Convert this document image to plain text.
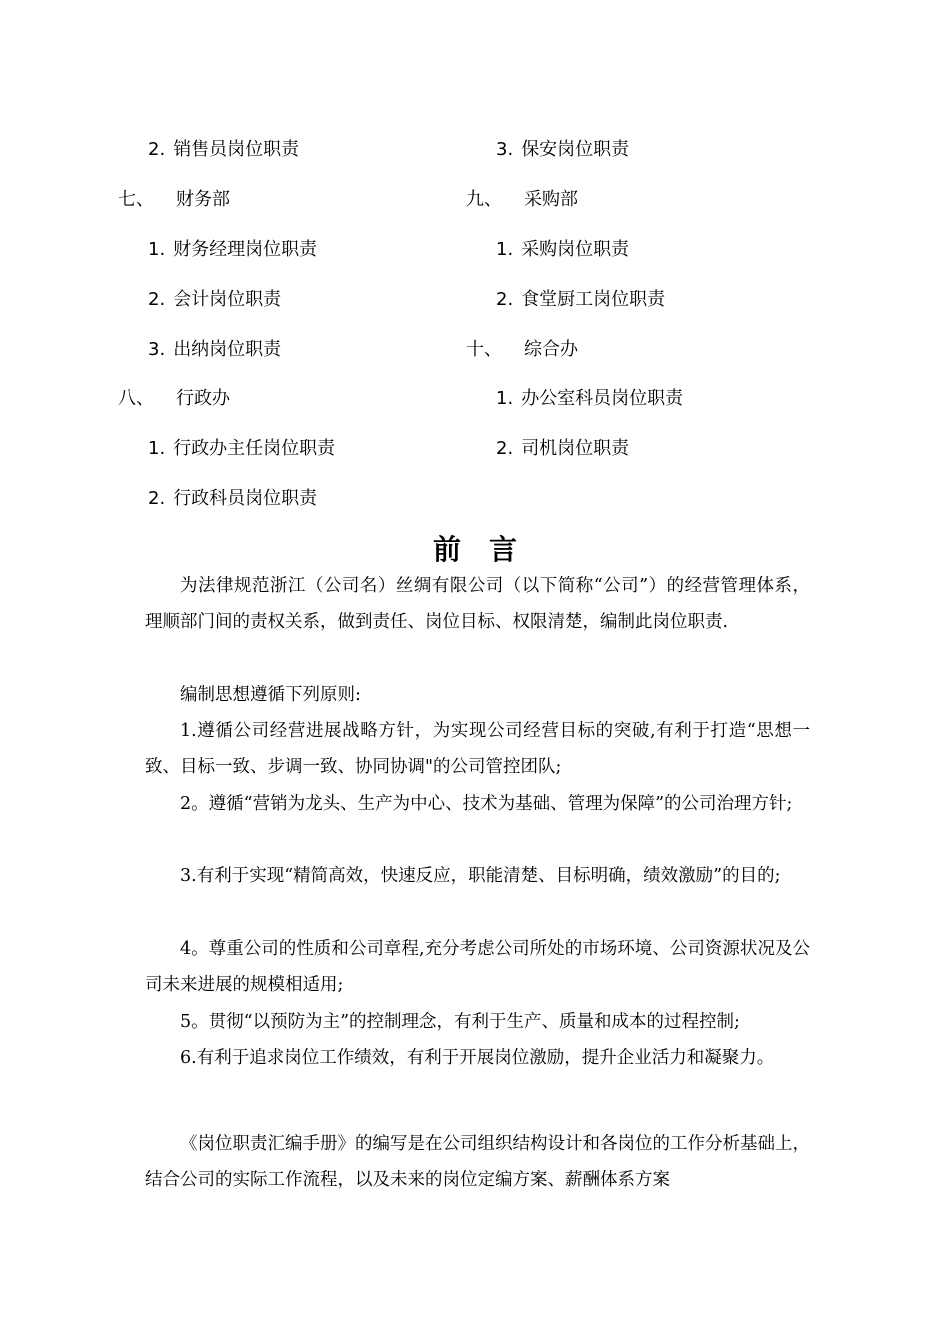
2. 销售员岗位职责
七、 财务部
1. 财务经理岗位职责
2. 会计岗位职责
3. 出纳岗位职责
八、 行政办
1. 行政办主任岗位职责
2. 行政科员岗位职责
3. 保安岗位职责
九、 采购部
1. 采购岗位职责
2. 食堂厨工岗位职责
十、 综合办
1. 办公室科员岗位职责
2. 司机岗位职责
前言

为法律规范浙江（公司名）丝绸有限公司（以下简称“公司”）的经营管理体系，理顺部门间的责权关系，做到责任、岗位目标、权限清楚，编制此岗位职责.

编制思想遵循下列原则:

1.遵循公司经营进展战略方针，为实现公司经营目标的突破,有利于打造“思想一致、目标一致、步调一致、协同协调"的公司管控团队;

2。遵循“营销为龙头、生产为中心、技术为基础、管理为保障”的公司治理方针;

3.有利于实现“精简高效，快速反应，职能清楚、目标明确，绩效激励”的目的;

4。尊重公司的性质和公司章程,充分考虑公司所处的市场环境、公司资源状况及公司未来进展的规模相适用;

5。贯彻“以预防为主”的控制理念，有利于生产、质量和成本的过程控制;

6.有利于追求岗位工作绩效，有利于开展岗位激励，提升企业活力和凝聚力。

《岗位职责汇编手册》的编写是在公司组织结构设计和各岗位的工作分析基础上，结合公司的实际工作流程，以及未来的岗位定编方案、薪酬体系方案
